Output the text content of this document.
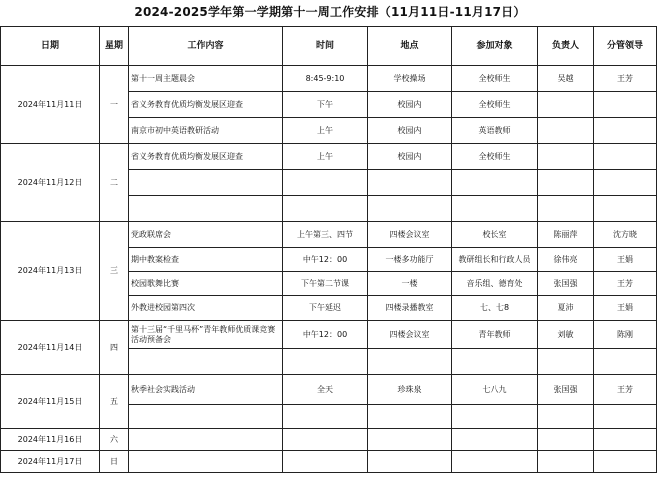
2024-2025学年第一学期第十一周工作安排（11月11日-11月17日）
日期	星期	工作内容	时间	地点	参加对象	负责人	分管领导
2024年11月11日	一	第十一周主题晨会	8:45-9:10	学校操场	全校师生	吴越	王芳
		省义务教育优质均衡发展区迎查	下午	校园内	全校师生		
		南京市初中英语教研活动	上午	校园内	英语教师		
2024年11月12日	二	省义务教育优质均衡发展区迎查	上午	校园内	全校师生		

2024年11月13日	三	党政联席会	上午第三、四节	四楼会议室	校长室	陈丽萍	沈方晓
		期中教案检查	中午12：00	一楼多功能厅	教研组长和行政人员	徐伟亮	王娟
		校园歌舞比赛	下午第二节课	一楼	音乐组、德育处	张国强	王芳
		外教进校园第四次	下午延迟	四楼录播教室	七、七8	夏沛	王娟
2024年11月14日	四	第十三届“千里马杯”青年教师优质课竞赛活动预备会	中午12：00	四楼会议室	青年教师	刘敏	陈刚

2024年11月15日	五	秋季社会实践活动	全天	珍珠泉	七八九	张国强	王芳

2024年11月16日	六						
2024年11月17日	日						
